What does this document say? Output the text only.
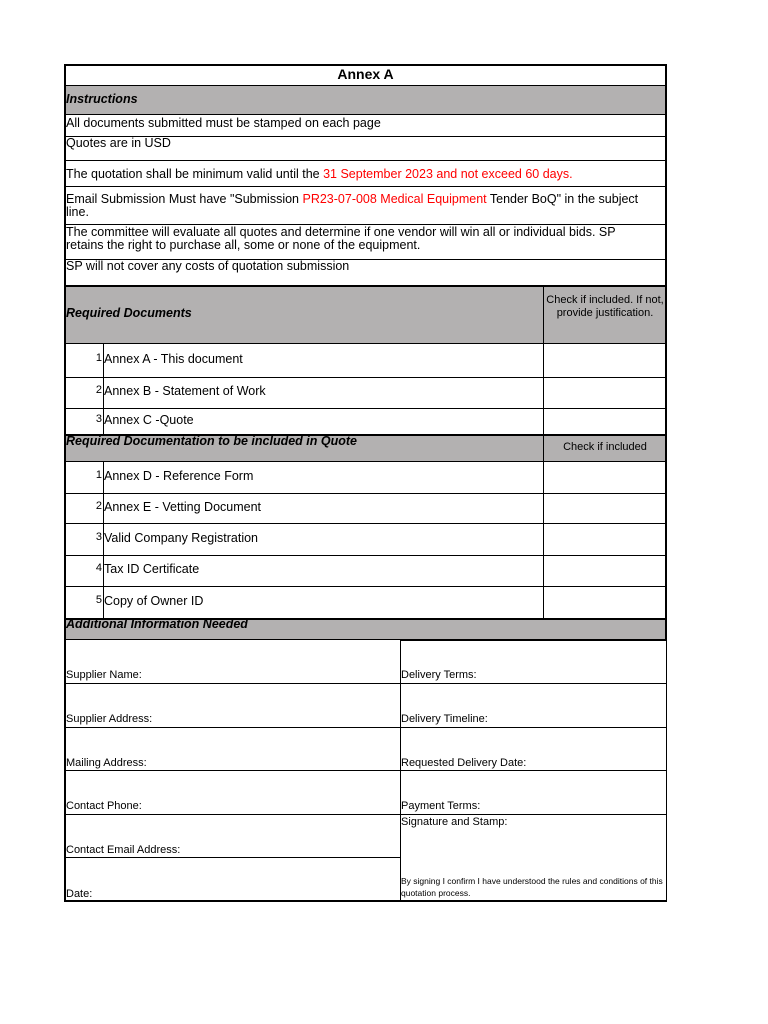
Annex A
Instructions
All documents submitted must be stamped on each page
Quotes are in USD
The quotation shall be minimum valid until the 31 September 2023 and not exceed 60 days.
Email Submission Must have "Submission PR23-07-008 Medical Equipment Tender BoQ" in the subject
line.
The committee will evaluate all quotes and determine if one vendor will win all or individual bids. SP
retains the right to purchase all, some or none of the equipment.
SP will not cover any costs of quotation submission
Required Documents
Check if included. If not, provide justification.
1 Annex A - This document
2 Annex B - Statement of Work
3 Annex C -Quote
Required Documentation to be included in Quote	Check if included
1 Annex D - Reference Form
2 Annex E - Vetting Document
3 Valid Company Registration
4 Tax ID Certificate
5 Copy of Owner ID
Additional Information Needed
Supplier Name:
Supplier Address:
Mailing Address:
Contact Phone:
Contact Email Address:
Date:
Delivery Terms:
Delivery Timeline:
Requested Delivery Date:
Payment Terms:
Signature and Stamp:
By signing I confirm I have understood the rules and conditions of this quotation process.
